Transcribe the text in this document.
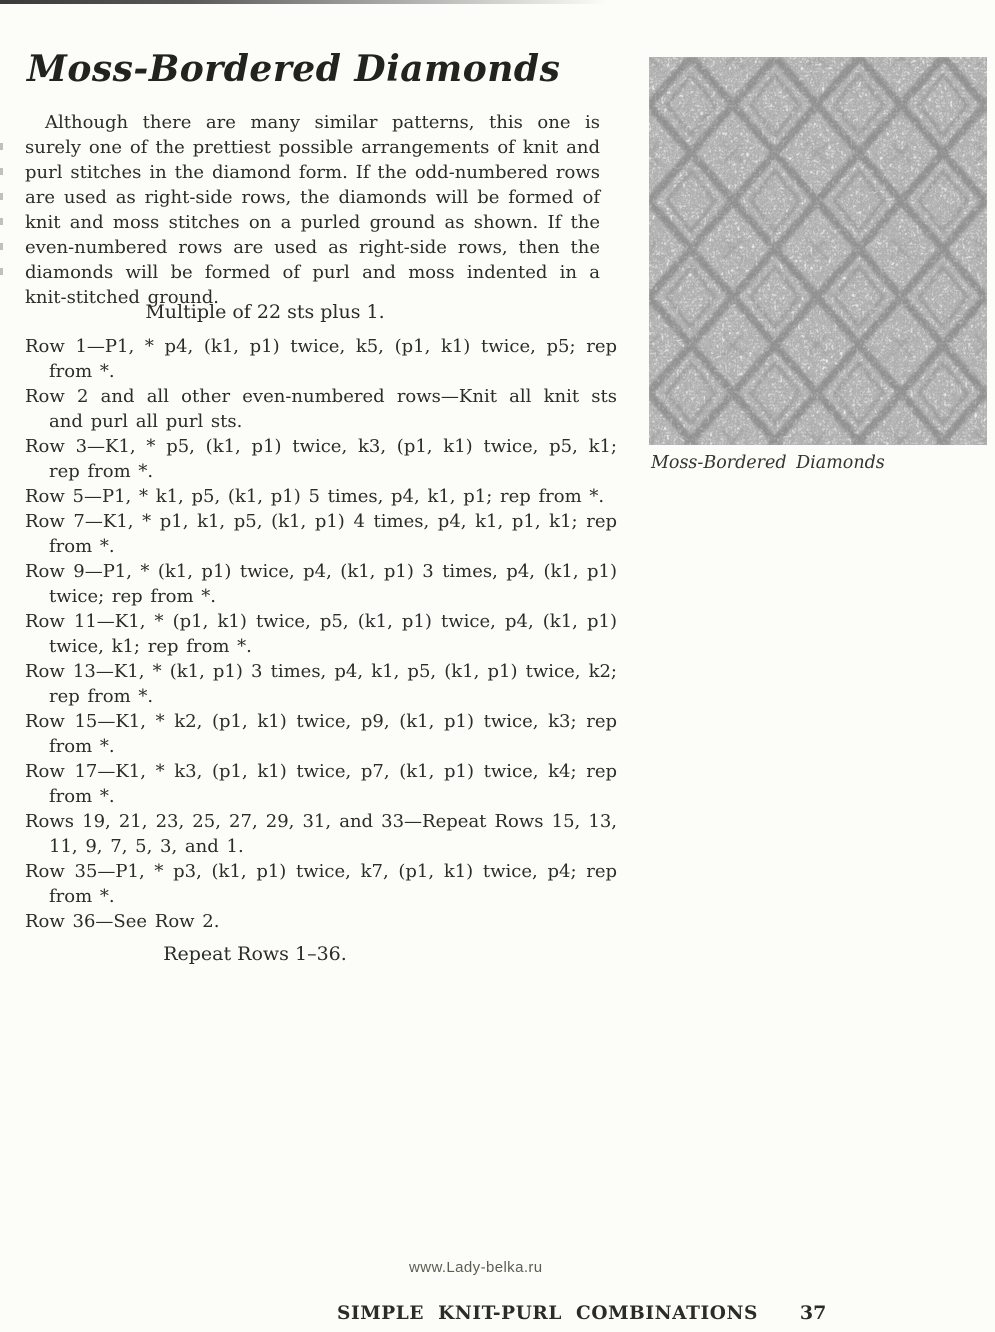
Moss-Bordered Diamonds

Although there are many similar patterns, this one is surely one of the prettiest possible arrangements of knit and purl stitches in the diamond form. If the odd-numbered rows are used as right-side rows, the diamonds will be formed of knit and moss stitches on a purled ground as shown. If the even-numbered rows are used as right-side rows, then the diamonds will be formed of purl and moss indented in a knit-stitched ground.

Multiple of 22 sts plus 1.

Row 1—P1, * p4, (k1, p1) twice, k5, (p1, k1) twice, p5; rep from *.

Row 2 and all other even-numbered rows—Knit all knit sts and purl all purl sts.

Row 3—K1, * p5, (k1, p1) twice, k3, (p1, k1) twice, p5, k1; rep from *.

Row 5—P1, * k1, p5, (k1, p1) 5 times, p4, k1, p1; rep from *.

Row 7—K1, * p1, k1, p5, (k1, p1) 4 times, p4, k1, p1, k1; rep from *.

Row 9—P1, * (k1, p1) twice, p4, (k1, p1) 3 times, p4, (k1, p1) twice; rep from *.

Row 11—K1, * (p1, k1) twice, p5, (k1, p1) twice, p4, (k1, p1) twice, k1; rep from *.

Row 13—K1, * (k1, p1) 3 times, p4, k1, p5, (k1, p1) twice, k2; rep from *.

Row 15—K1, * k2, (p1, k1) twice, p9, (k1, p1) twice, k3; rep from *.

Row 17—K1, * k3, (p1, k1) twice, p7, (k1, p1) twice, k4; rep from *.

Rows 19, 21, 23, 25, 27, 29, 31, and 33—Repeat Rows 15, 13, 11, 9, 7, 5, 3, and 1.

Row 35—P1, * p3, (k1, p1) twice, k7, (p1, k1) twice, p4; rep from *.

Row 36—See Row 2.

Repeat Rows 1–36.
Moss-Bordered Diamonds
www.Lady-belka.ru
SIMPLE KNIT-PURL COMBINATIONS 37
